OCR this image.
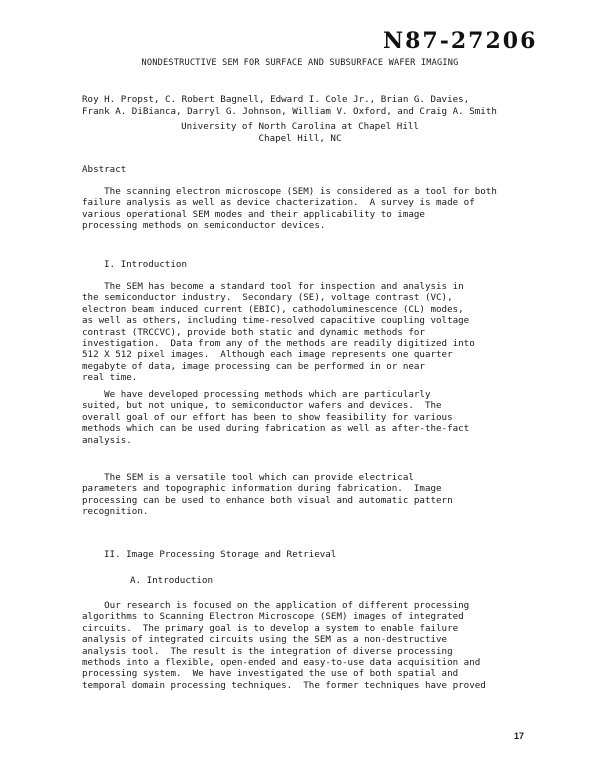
N87-27206
NONDESTRUCTIVE SEM FOR SURFACE AND SUBSURFACE WAFER IMAGING
Roy H. Propst, C. Robert Bagnell, Edward I. Cole Jr., Brian G. Davies,
Frank A. DiBianca, Darryl G. Johnson, William V. Oxford, and Craig A. Smith
University of North Carolina at Chapel Hill
Chapel Hill, NC
Abstract
The scanning electron microscope (SEM) is considered as a tool for both
failure analysis as well as device chacterization.  A survey is made of
various operational SEM modes and their applicability to image
processing methods on semiconductor devices.
I. Introduction
The SEM has become a standard tool for inspection and analysis in
the semiconductor industry.  Secondary (SE), voltage contrast (VC),
electron beam induced current (EBIC), cathodoluminescence (CL) modes,
as well as others, including time-resolved capacitive coupling voltage
contrast (TRCCVC), provide both static and dynamic methods for
investigation.  Data from any of the methods are readily digitized into
512 X 512 pixel images.  Although each image represents one quarter
megabyte of data, image processing can be performed in or near
real time.
We have developed processing methods which are particularly
suited, but not unique, to semiconductor wafers and devices.  The
overall goal of our effort has been to show feasibility for various
methods which can be used during fabrication as well as after-the-fact
analysis.
The SEM is a versatile tool which can provide electrical
parameters and topographic information during fabrication.  Image
processing can be used to enhance both visual and automatic pattern
recognition.
II. Image Processing Storage and Retrieval
A. Introduction
Our research is focused on the application of different processing
algorithms to Scanning Electron Microscope (SEM) images of integrated
circuits.  The primary goal is to develop a system to enable failure
analysis of integrated circuits using the SEM as a non-destructive
analysis tool.  The result is the integration of diverse processing
methods into a flexible, open-ended and easy-to-use data acquisition and
processing system.  We have investigated the use of both spatial and
temporal domain processing techniques.  The former techniques have proved
17
